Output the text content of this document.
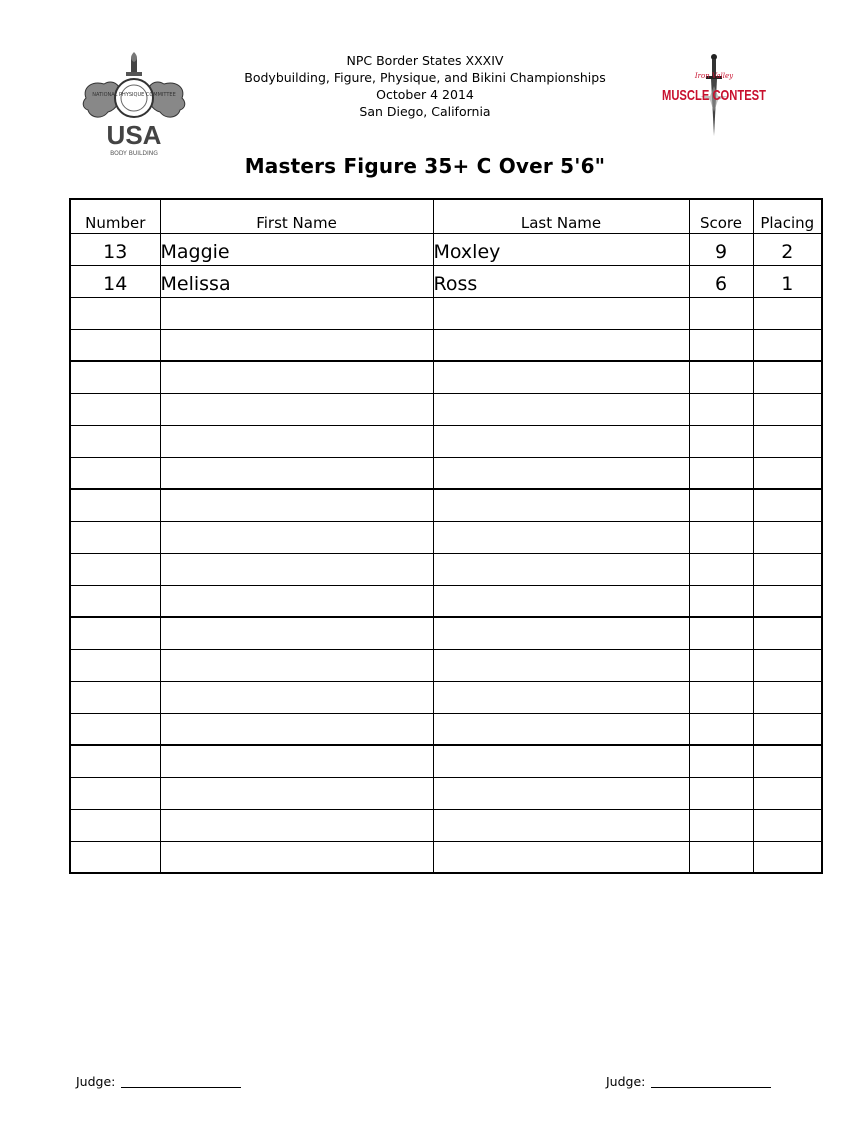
NATIONAL PHYSIQUE COMMITTEE
USA
BODY BUILDING
NPC Border States XXXIV
Bodybuilding, Figure, Physique, and Bikini Championships
October 4 2014
San Diego, California
Iron Valley
MUSCLE CONTEST
Masters Figure 35+ C Over 5'6"
Number	First Name	Last Name	Score	Placing
13	Maggie	Moxley	9	2
14	Melissa	Ross	6	1

Judge:	Judge:
